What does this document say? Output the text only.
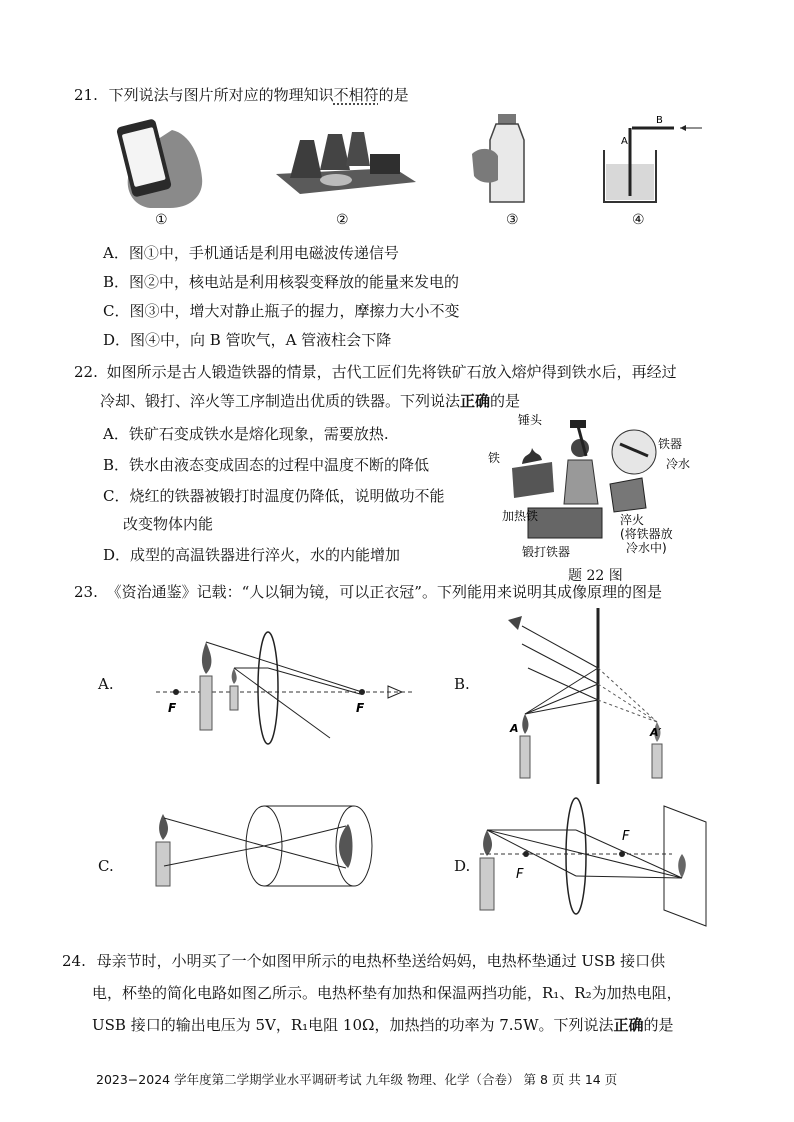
21. 下列说法与图片所对应的物理知识不相符的是
①	②	③
A
B
④
A．图①中，手机通话是利用电磁波传递信号
B．图②中，核电站是利用核裂变释放的能量来发电的
C．图③中，增大对静止瓶子的握力，摩擦力大小不变
D．图④中，向 B 管吹气，A 管液柱会下降
22. 如图所示是古人锻造铁器的情景，古代工匠们先将铁矿石放入熔炉得到铁水后，再经过
冷却、锻打、淬火等工序制造出优质的铁器。下列说法正确的是
A．铁矿石变成铁水是熔化现象，需要放热.
B．铁水由液态变成固态的过程中温度不断的降低
C．烧红的铁器被锻打时温度仍降低，说明做功不能
改变物体内能
D．成型的高温铁器进行淬火，水的内能增加
锤头
铁
加热铁
锻打铁器
铁器
冷水
淬火
(将铁器放
冷水中)
题 22 图
23. 《资治通鉴》记载：“人以铜为镜，可以正衣冠”。下列能用来说明其成像原理的图是
A.
F	F
B.
A	A′
C.	D.	F
F
24. 母亲节时，小明买了一个如图甲所示的电热杯垫送给妈妈，电热杯垫通过 USB 接口供
电，杯垫的简化电路如图乙所示。电热杯垫有加热和保温两挡功能，R₁、R₂为加热电阻，
USB 接口的输出电压为 5V，R₁电阻 10Ω，加热挡的功率为 7.5W。下列说法正确的是
2023−2024 学年度第二学期学业水平调研考试 九年级 物理、化学（合卷） 第 8 页 共 14 页
